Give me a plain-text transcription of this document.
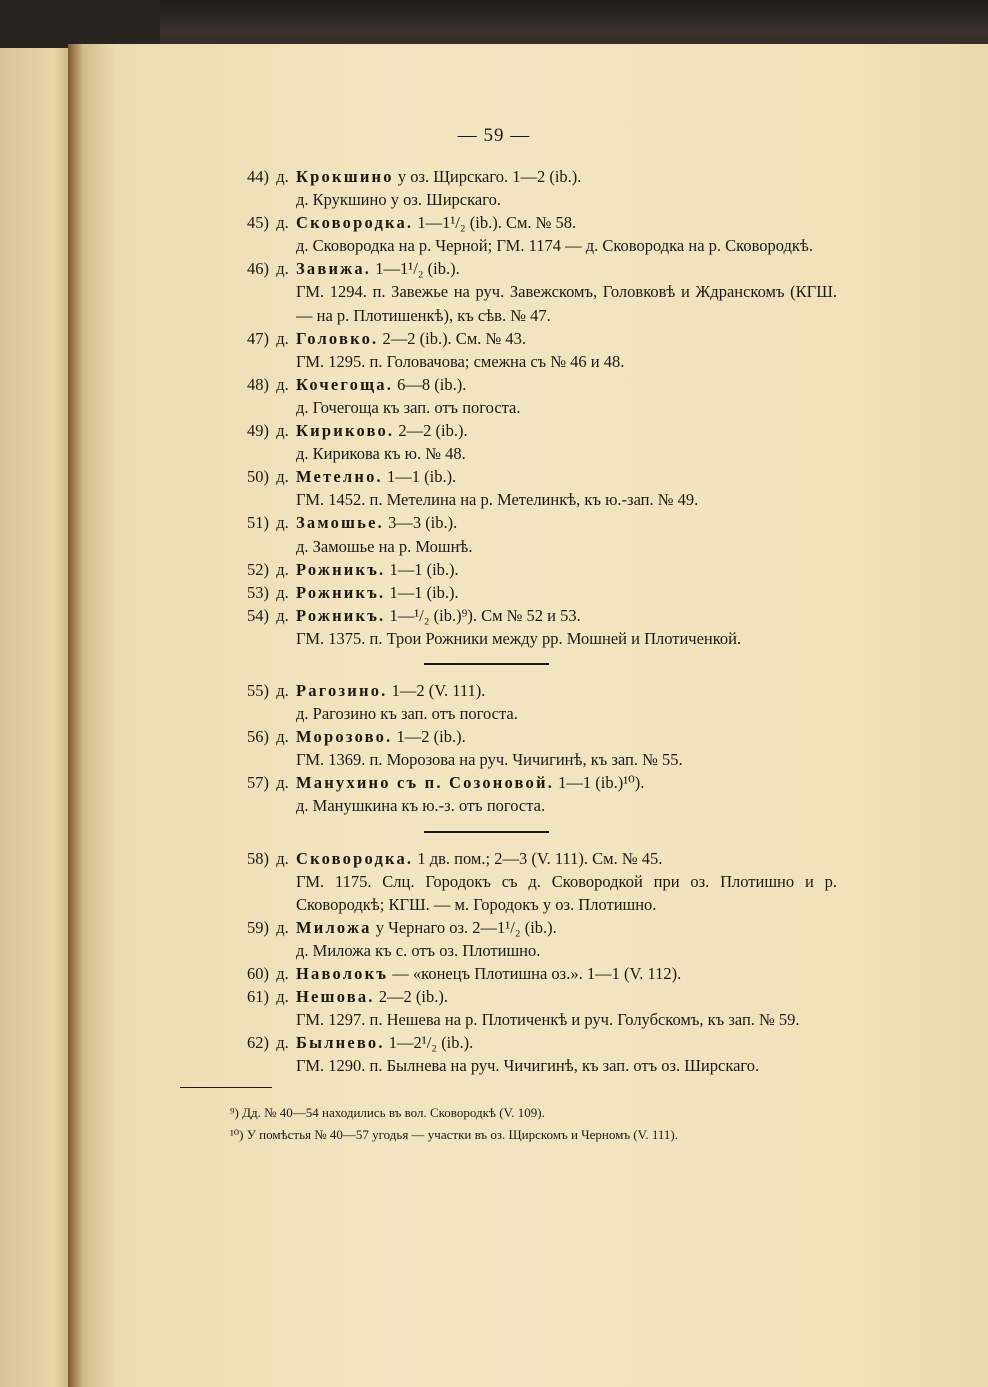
— 59 —
44) д. Крокшино у оз. Щирскаго. 1—2 (ib.).
д. Крукшино у оз. Ширскаго.
45) д. Сковородка. 1—1¹/₂ (ib.). См. № 58.
д. Сковородка на р. Черной; ГМ. 1174 — д. Сковородка на р. Сковородкѣ.
46) д. Завижа. 1—1¹/₂ (ib.).
ГМ. 1294. п. Завежье на руч. Завежскомъ, Головковѣ и Ждранскомъ (КГШ. — на р. Плотишенкѣ), къ сѣв. № 47.
47) д. Головко. 2—2 (ib.). См. № 43.
ГМ. 1295. п. Головачова; смежна съ № 46 и 48.
48) д. Кочегоща. 6—8 (ib.).
д. Гочегоща къ зап. отъ погоста.
49) д. Кириково. 2—2 (ib.).
д. Кирикова къ ю. № 48.
50) д. Метелно. 1—1 (ib.).
ГМ. 1452. п. Метелина на р. Метелинкѣ, къ ю.-зап. № 49.
51) д. Замошье. 3—3 (ib.).
д. Замошье на р. Мошнѣ.
52) д. Рожникъ. 1—1 (ib.).
53) д. Рожникъ. 1—1 (ib.).
54) д. Рожникъ. 1—¹/₂ (ib.)⁹). См № 52 и 53.
ГМ. 1375. п. Трои Рожники между рр. Мошней и Плотиченкой.
55) д. Рагозино. 1—2 (V. 111).
д. Рагозино къ зап. отъ погоста.
56) д. Морозово. 1—2 (ib.).
ГМ. 1369. п. Морозова на руч. Чичигинѣ, къ зап. № 55.
57) д. Манухино съ п. Созоновой. 1—1 (ib.)¹⁰).
д. Манушкина къ ю.-з. отъ погоста.
58) д. Сковородка. 1 дв. пом.; 2—3 (V. 111). См. № 45.
ГМ. 1175. Слц. Городокъ съ д. Сковородкой при оз. Плотишно и р. Сковородкѣ; КГШ. — м. Городокъ у оз. Плотишно.
59) д. Миложа у Чернаго оз. 2—1¹/₂ (ib.).
д. Миложа къ с. отъ оз. Плотишно.
60) д. Наволокъ — «конецъ Плотишна оз.». 1—1 (V. 112).
61) д. Нешова. 2—2 (ib.).
ГМ. 1297. п. Нешева на р. Плотиченкѣ и руч. Голубскомъ, къ зап. № 59.
62) д. Былнево. 1—2¹/₂ (ib.).
ГМ. 1290. п. Былнева на руч. Чичигинѣ, къ зап. отъ оз. Ширскаго.
⁹) Дд. № 40—54 находились въ вол. Сковородкѣ (V. 109).
¹⁰) У помѣстья № 40—57 угодья — участки въ оз. Щирскомъ и Черномъ (V. 111).
